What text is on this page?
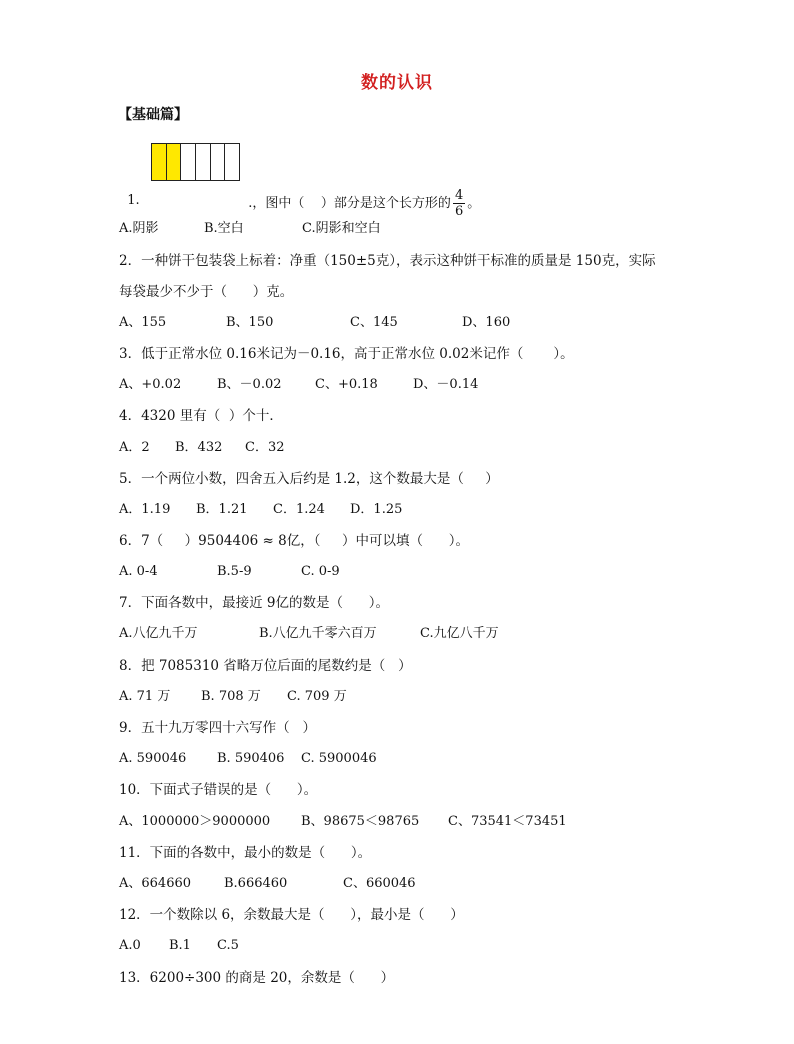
数的认识
【基础篇】

1.	.，图中（    ）部分是这个长方形的 $\frac{4}{6}$ 。

A.阴影

	B.空白

	C.阴影和空白

2．一种饼干包装袋上标着：净重（150±5克），表示这种饼干标准的质量是 150克，实际
每袋最少不少于（      ）克。

A、155

	B、150

	C、145

	D、160

3．低于正常水位 0.16米记为－0.16，高于正常水位 0.02米记作（       ）。

A、+0.02

	B、－0.02

	C、+0.18

	D、－0.14

4．4320 里有（  ）个十．

A．2

B．432

C．32

5．一个两位小数，四舍五入后约是 1.2，这个数最大是（     ）

A．1.19

B．1.21

C．1.24

D．1.25

6．7（     ）9504406 ≈ 8亿，（     ）中可以填（      ）。

A. 0-4

	B.5-9

	C. 0-9

7．下面各数中，最接近 9亿的数是（      ）。

A.八亿九千万

	B.八亿九千零六百万

	C.九亿八千万

8．把 7085310 省略万位后面的尾数约是（   ）

A. 71 万

B. 708 万

C. 709 万

9．五十九万零四十六写作（   ）

A. 590046

B. 590406

C. 5900046

10．下面式子错误的是（      ）。

A、1000000＞9000000

B、98675＜98765

C、73541＜73451

11．下面的各数中，最小的数是（      ）。

A、664660

	B.666460

	C、660046

12．一个数除以 6，余数最大是（      ），最小是（      ）

A.0

B.1

C.5

13．6200÷300 的商是 20，余数是（      ）
